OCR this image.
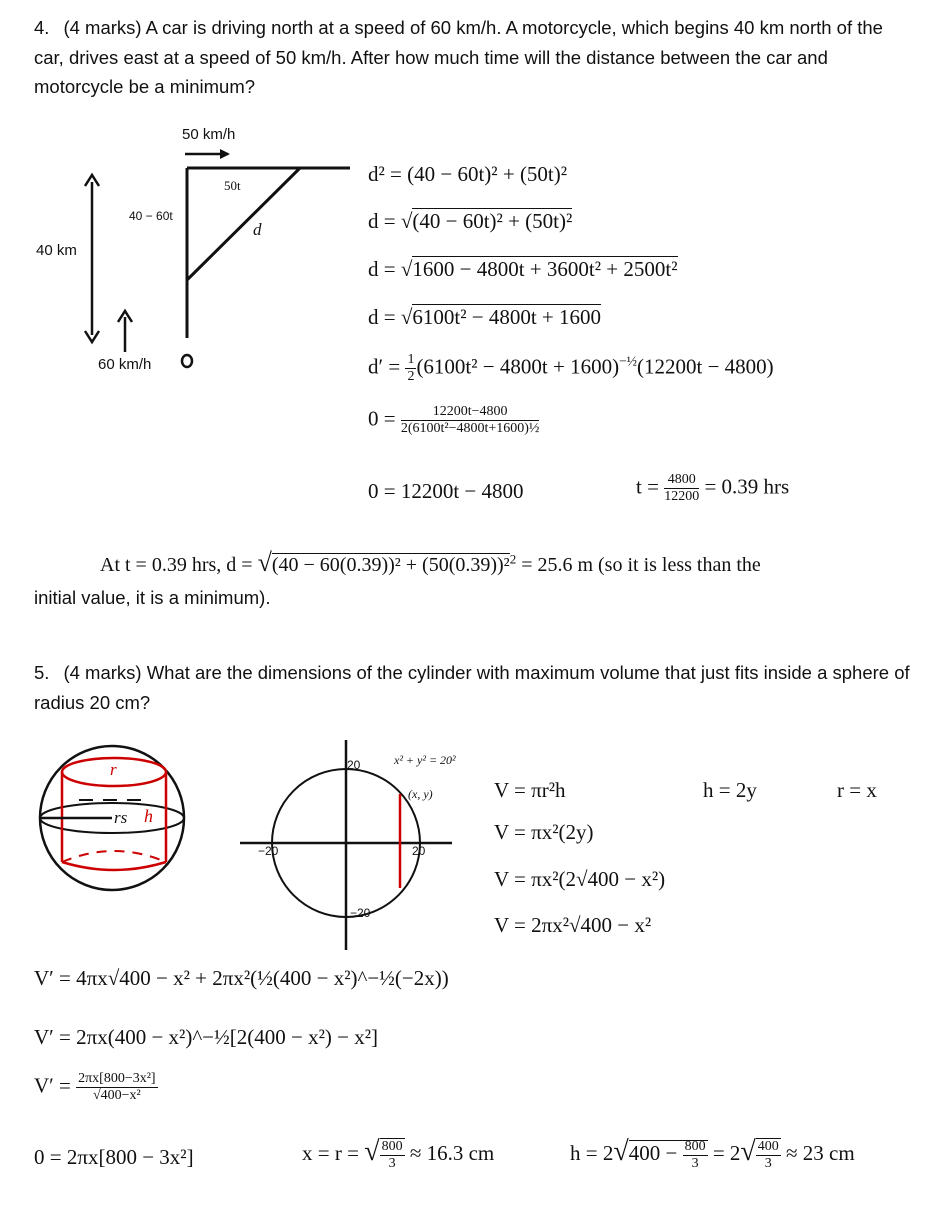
4. (4 marks) A car is driving north at a speed of 60 km/h. A motorcycle, which begins 40 km north of the car, drives east at a speed of 50 km/h. After how much time will the distance between the car and motorcycle be a minimum?
50 km/h
50t
40 − 60t
d
40 km
60 km/h
d² = (40 − 60t)² + (50t)²
d = √(40 − 60t)² + (50t)²
d = √1600 − 4800t + 3600t² + 2500t²
d = √6100t² − 4800t + 1600
$d' = \frac{1}{2} (6100t^2 - 4800t + 1600)^{-\frac{1}{2}}(12200t - 4800)$
$0 = \frac{12200t-4800}{\text{2(6100t²−4800t+1600)½}}$
0 = 12200t − 4800	$t = \frac{4800}{12200} = 0.39$ hrs
At t = 0.39 hrs, d = √(40 − 60(0.39))² + (50(0.39))²$^2$ = 25.6 m (so it is less than the
initial value, it is a minimum).
5. (4 marks) What are the dimensions of the cylinder with maximum volume that just fits inside a sphere of radius 20 cm?
r
rs h
x² + y² = 20²
(x, y)
20
−20
−20	20
V = πr²h	h = 2y	r = x
V = πx²(2y)
V = πx²(2√400 − x²)
V = 2πx²√400 − x²
V′ = 4πx√400 − x² + 2πx²(½(400 − x²)^−½(−2x))
V′ = 2πx(400 − x²)^−½[2(400 − x²) − x²]
$V' = \frac{\text{2πx[800−3x²]}}{\text{√400−x²}}$
0 = 2πx[800 − 3x²]	x = r = √ $\frac{800}{3} \approx 16.3$ cm	$h = 2√400 - \frac{800}{3} = 2√ \frac{400}{3} \approx 23$ cm
